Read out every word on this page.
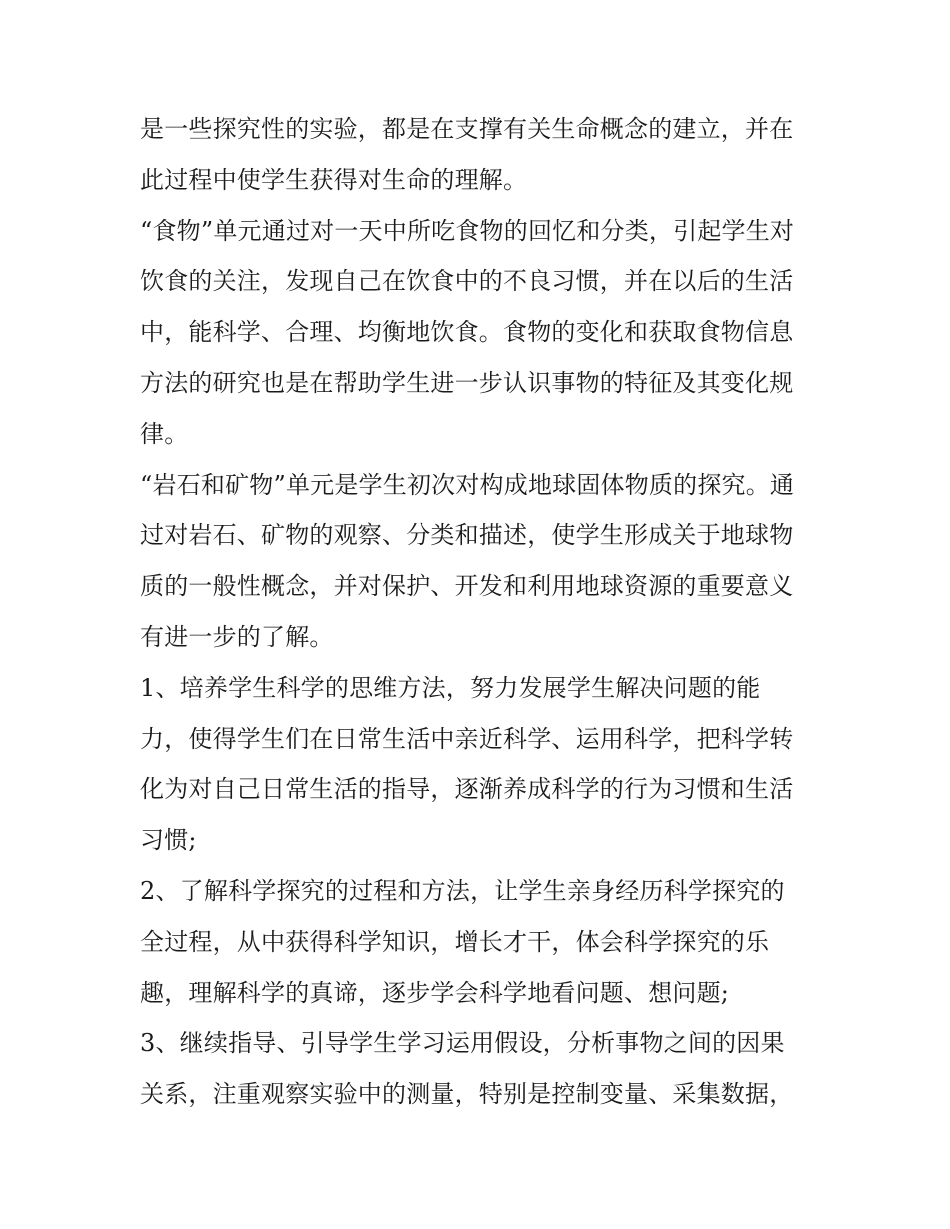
是一些探究性的实验，都是在支撑有关生命概念的建立，并在
此过程中使学生获得对生命的理解。
“食物”单元通过对一天中所吃食物的回忆和分类，引起学生对
饮食的关注，发现自己在饮食中的不良习惯，并在以后的生活
中，能科学、合理、均衡地饮食。食物的变化和获取食物信息
方法的研究也是在帮助学生进一步认识事物的特征及其变化规
律。
“岩石和矿物”单元是学生初次对构成地球固体物质的探究。通
过对岩石、矿物的观察、分类和描述，使学生形成关于地球物
质的一般性概念，并对保护、开发和利用地球资源的重要意义
有进一步的了解。
1、培养学生科学的思维方法，努力发展学生解决问题的能
力，使得学生们在日常生活中亲近科学、运用科学，把科学转
化为对自己日常生活的指导，逐渐养成科学的行为习惯和生活
习惯;
2、了解科学探究的过程和方法，让学生亲身经历科学探究的
全过程，从中获得科学知识，增长才干，体会科学探究的乐
趣，理解科学的真谛，逐步学会科学地看问题、想问题;
3、继续指导、引导学生学习运用假设，分析事物之间的因果
关系，注重观察实验中的测量，特别是控制变量、采集数据，
